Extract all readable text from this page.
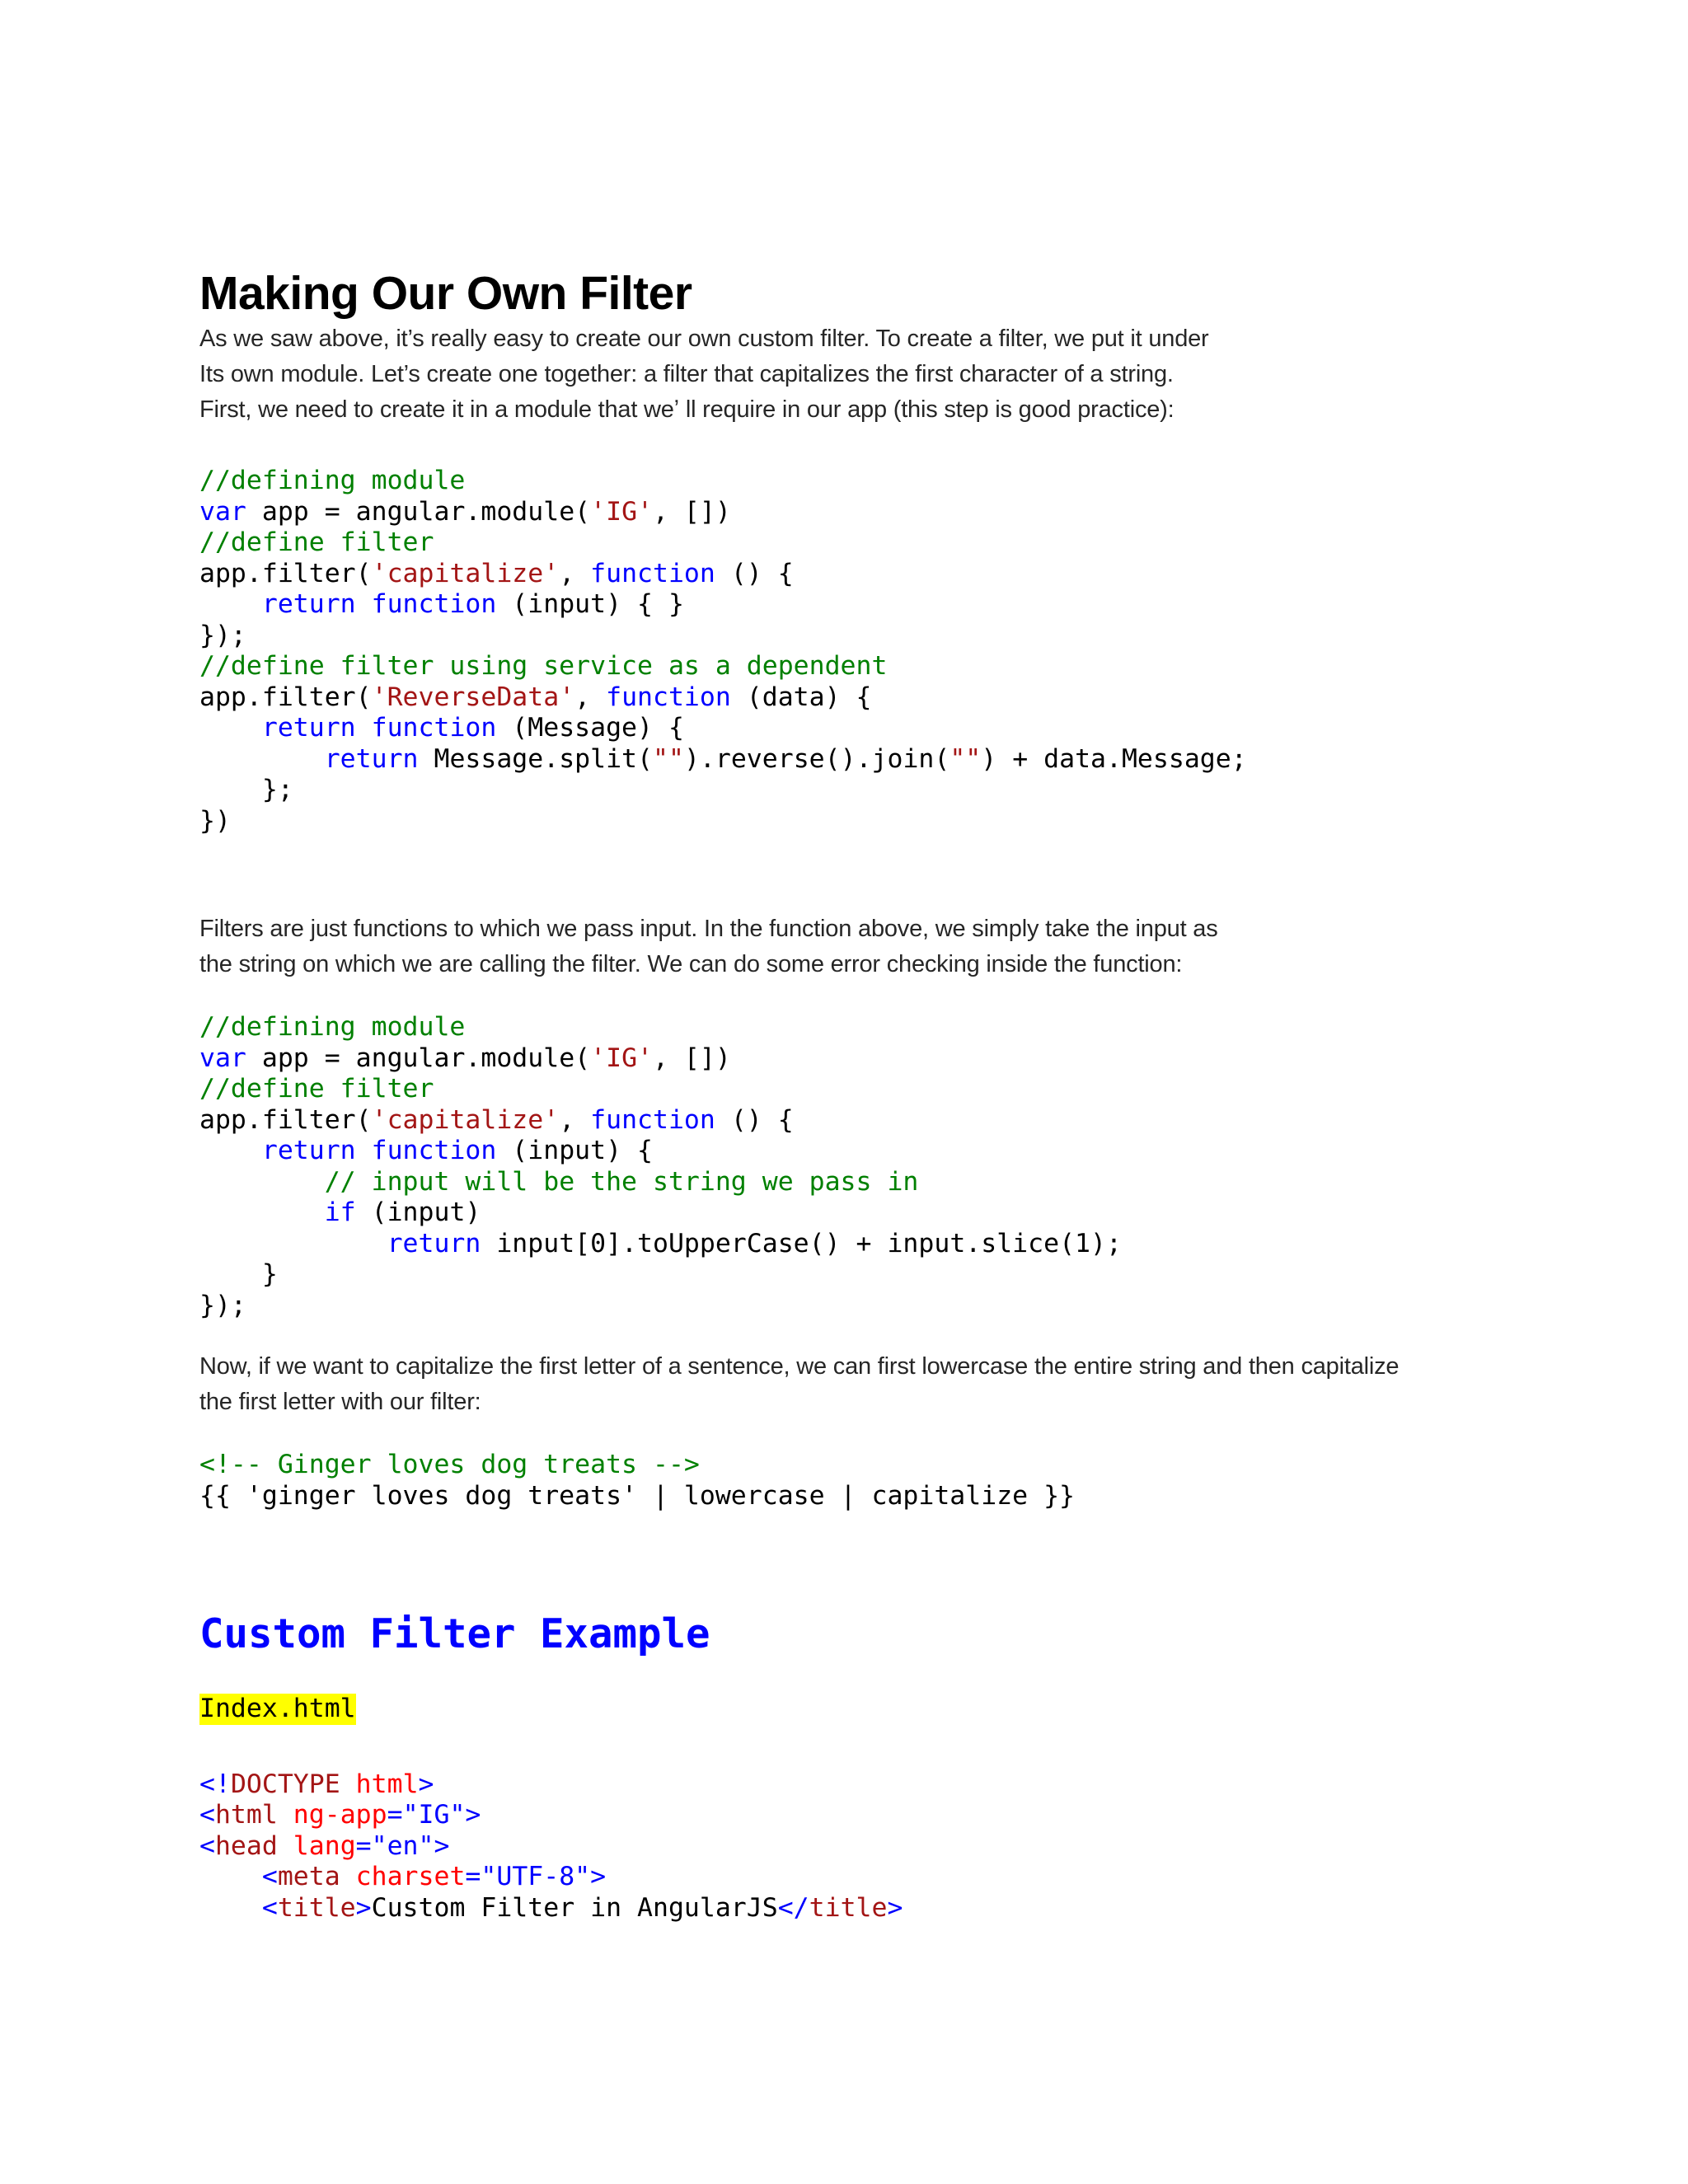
Making Our Own Filter

As we saw above, it’s really easy to create our own custom filter. To create a filter, we put it under

Its own module. Let’s create one together: a filter that capitalizes the first character of a string.

First, we need to create it in a module that weʼ ll require in our app (this step is good practice):

//defining module
var app = angular.module('IG', [])
//define filter
app.filter('capitalize', function () {
return function (input) { }
});
//define filter using service as a dependent
app.filter('ReverseData', function (data) {
return function (Message) {
return Message.split("").reverse().join("") + data.Message;
};
})

Filters are just functions to which we pass input. In the function above, we simply take the input as

the string on which we are calling the filter. We can do some error checking inside the function:

//defining module
var app = angular.module('IG', [])
//define filter
app.filter('capitalize', function () {
return function (input) {
// input will be the string we pass in
if (input)
return input[0].toUpperCase() + input.slice(1);
}
});

Now, if we want to capitalize the first letter of a sentence, we can first lowercase the entire string and then capitalize

the first letter with our filter:

<!-- Ginger loves dog treats -->
{{ 'ginger loves dog treats' | lowercase | capitalize }}
Custom Filter Example
Index.html
<!DOCTYPE html>
<html ng-app="IG">
<head lang="en">
<meta charset="UTF-8">
<title>Custom Filter in AngularJS</title>
